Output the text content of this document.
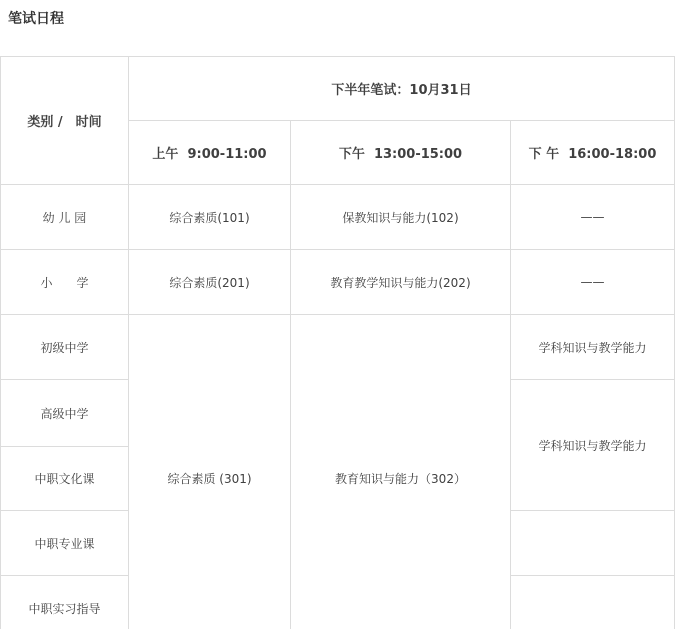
笔试日程
类别 /　时间	下半年笔试：10月31日		
	上午  9:00-11:00	下午  13:00-15:00	下 午  16:00-18:00
幼 儿 园	综合素质(101)	保教知识与能力(102)	——
小　　学	综合素质(201)	教育教学知识与能力(202)	——
初级中学	综合素质 (301)	教育知识与能力（302）	学科知识与教学能力
高级中学			学科知识与教学能力
中职文化课			
中职专业课			
中职实习指导			
